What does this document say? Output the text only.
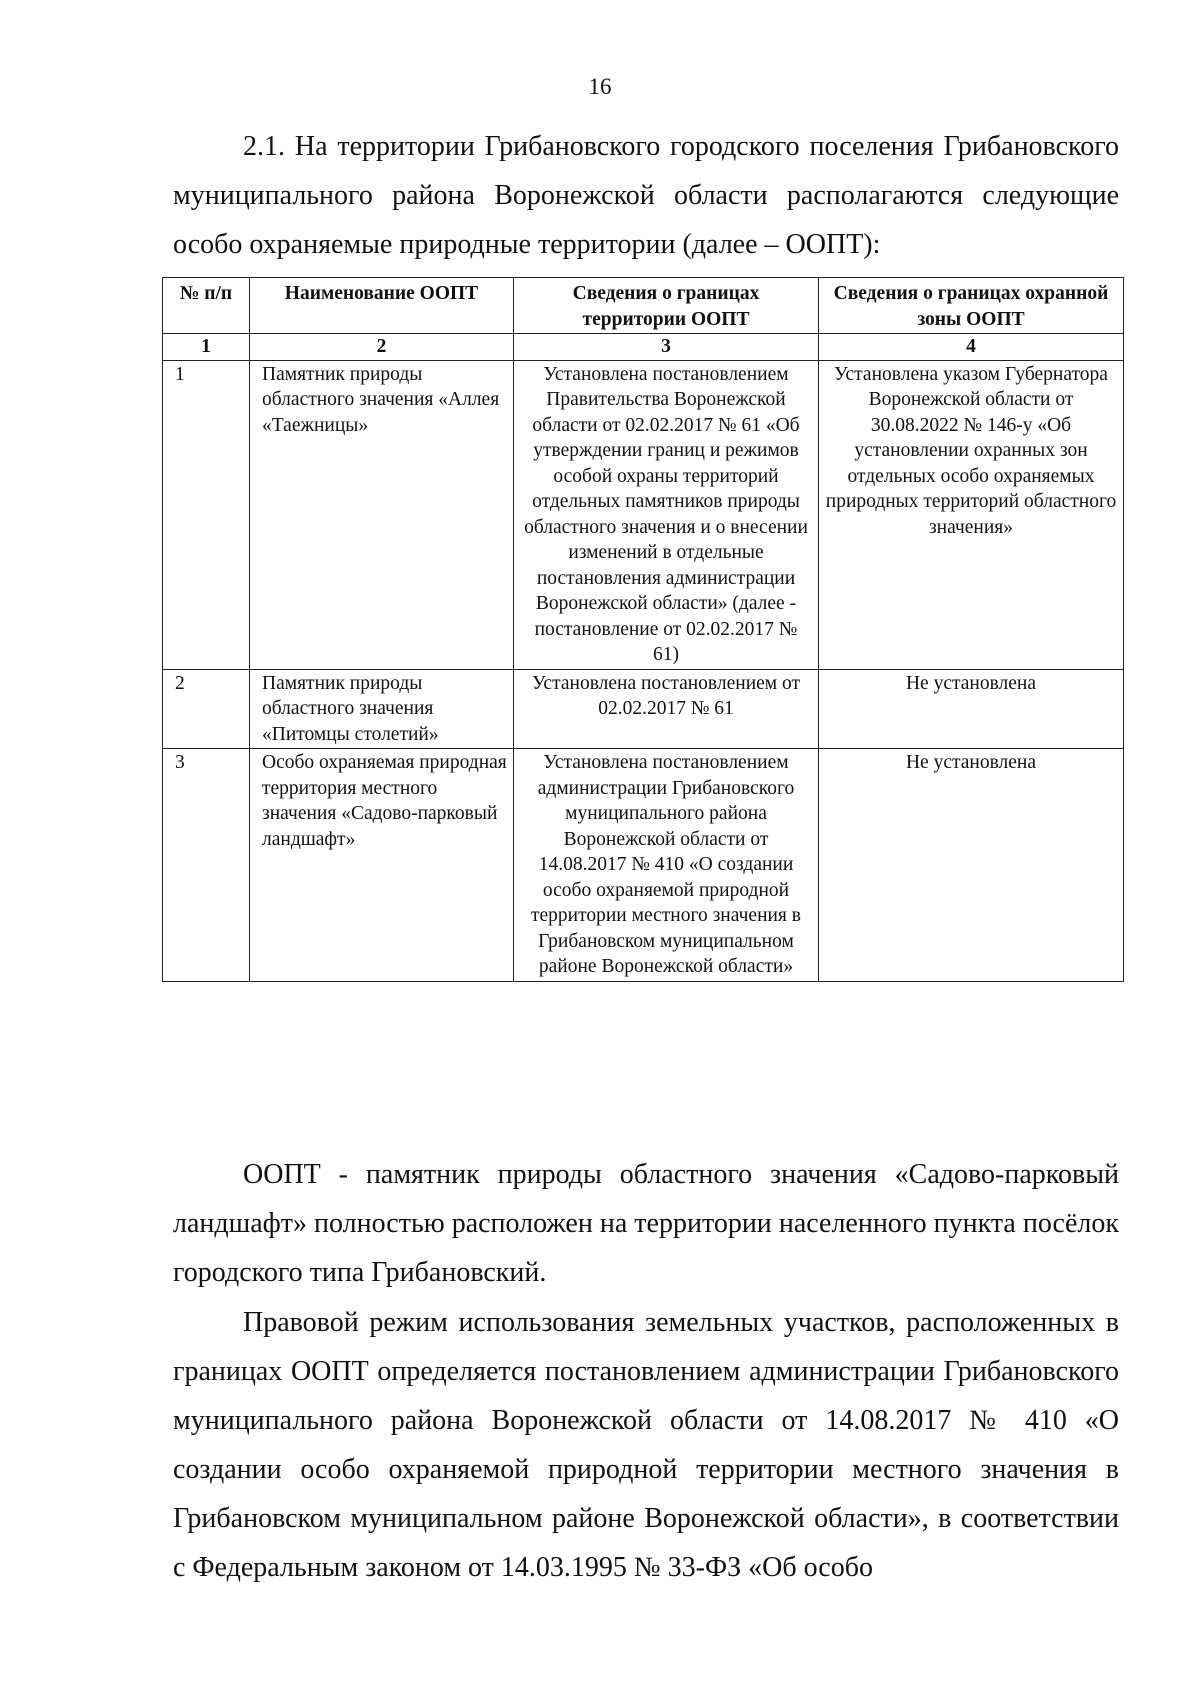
16

2.1. На территории Грибановского городского поселения Грибановского муниципального района Воронежской области располагаются следующие особо охраняемые природные территории (далее – ООПТ):

№ п/п	Наименование ООПТ	Сведения о границах территории ООПТ	Сведения о границах охранной зоны ООПТ
1	2	3	4
1	Памятник природы областного значения «Аллея «Таежницы»	Установлена постановлением Правительства Воронежской области от 02.02.2017 № 61 «Об утверждении границ и режимов особой охраны территорий отдельных памятников природы областного значения и о внесении изменений в отдельные постановления администрации Воронежской области» (далее - постановление от 02.02.2017 № 61)	Установлена указом Губернатора Воронежской области от 30.08.2022 № 146-у «Об установлении охранных зон отдельных особо охраняемых природных территорий областного значения»
2	Памятник природы областного значения «Питомцы столетий»	Установлена постановлением от 02.02.2017 № 61	Не установлена
3	Особо охраняемая природная территория местного значения «Садово-парковый ландшафт»	Установлена постановлением администрации Грибановского муниципального района Воронежской области от 14.08.2017 № 410 «О создании особо охраняемой природной территории местного значения в Грибановском муниципальном районе Воронежской области»	Не установлена

ООПТ - памятник природы областного значения «Садово-парковый ландшафт» полностью расположен на территории населенного пункта посёлок городского типа Грибановский.

Правовой режим использования земельных участков, расположенных в границах ООПТ определяется постановлением администрации Грибановского муниципального района Воронежской области от 14.08.2017 № 410 «О создании особо охраняемой природной территории местного значения в Грибановском муниципальном районе Воронежской области», в соответствии с Федеральным законом от 14.03.1995 № 33-ФЗ «Об особо
